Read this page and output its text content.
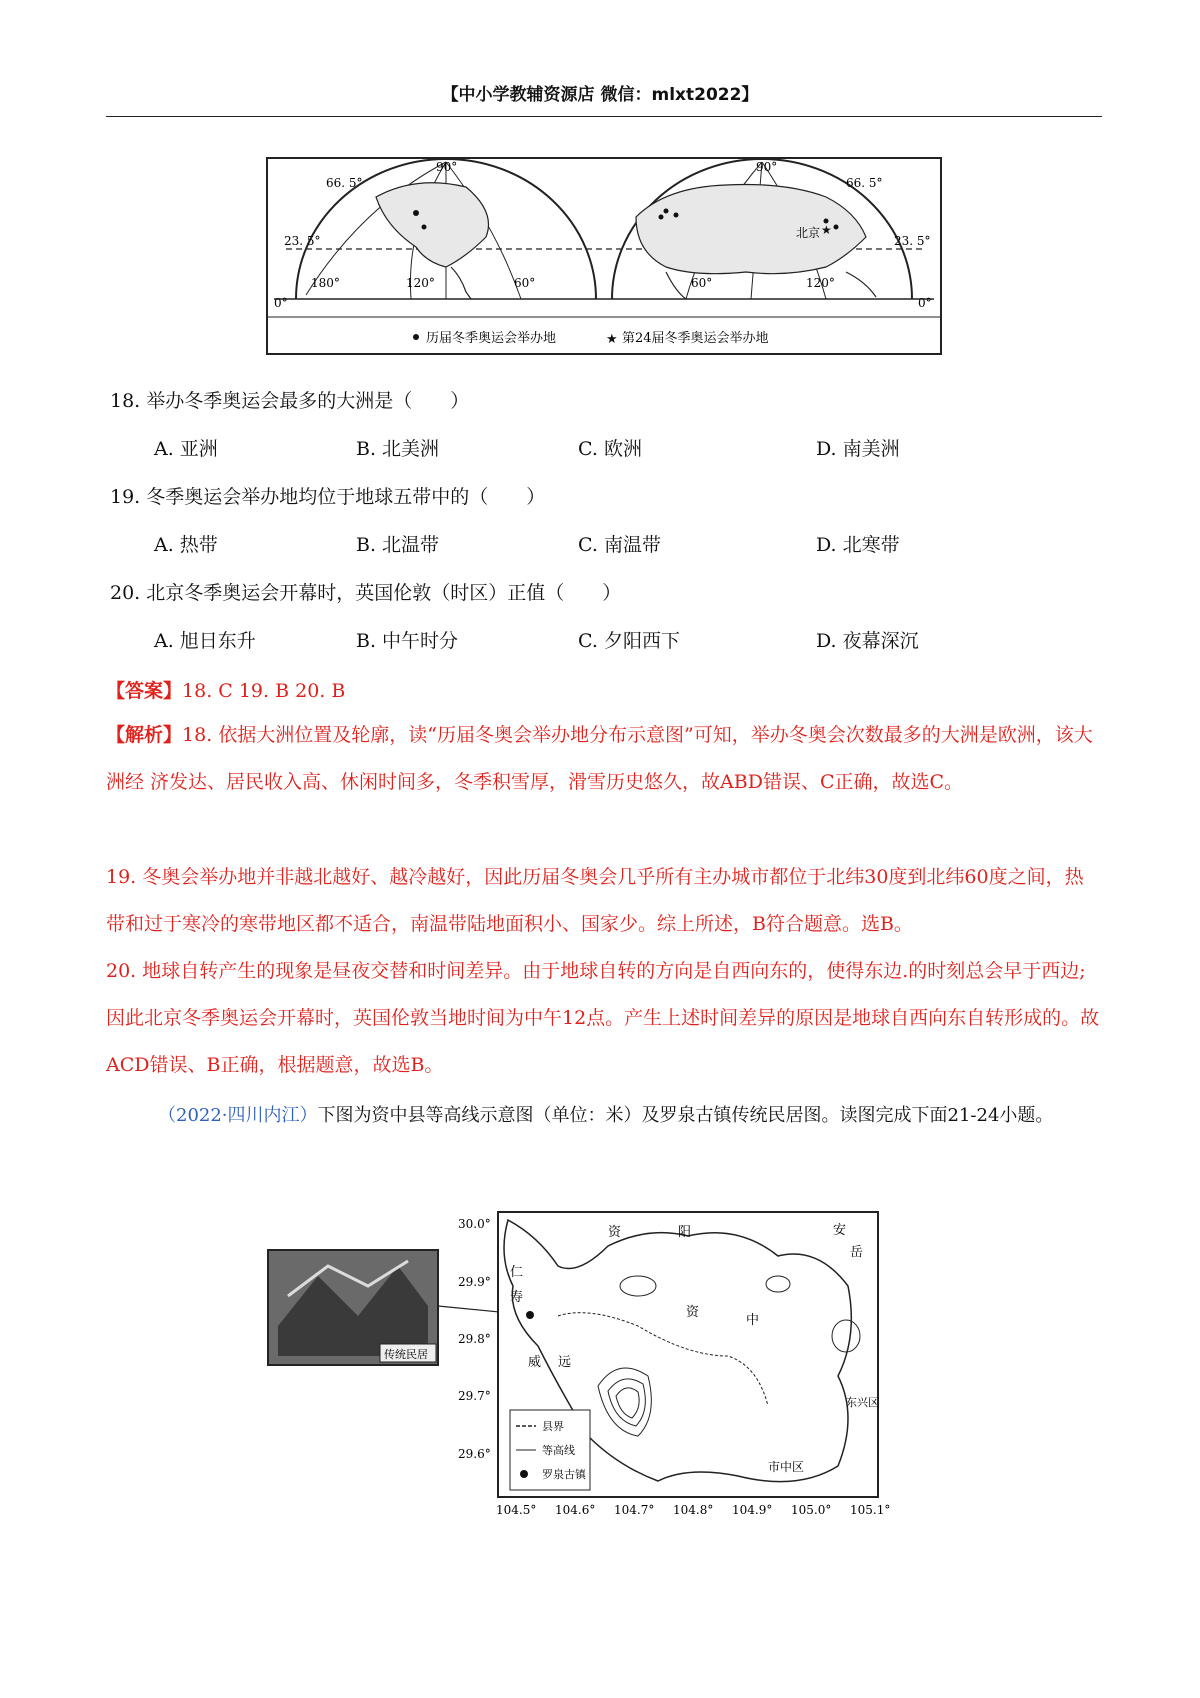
【中小学教辅资源店 微信：mlxt2022】
★
66. 5°
23. 5°
0°
90°
66. 5°
23. 5°
0°
90°
180°	120°	60°	60°	120°
北京
历届冬季奥运会举办地	★ 第24届冬季奥运会举办地
18. 举办冬季奥运会最多的大洲是（　　）
A. 亚洲	B. 北美洲	C. 欧洲	D. 南美洲
19. 冬季奥运会举办地均位于地球五带中的（　　）
A. 热带	B. 北温带	C. 南温带	D. 北寒带
20. 北京冬季奥运会开幕时，英国伦敦（时区）正值（　　）
A. 旭日东升	B. 中午时分	C. 夕阳西下	D. 夜幕深沉
【答案】18. C 19. B 20. B
【解析】18. 依据大洲位置及轮廓，读“历届冬奥会举办地分布示意图”可知，举办冬奥会次数最多的大洲是欧洲，该大洲经 济发达、居民收入高、休闲时间多，冬季积雪厚，滑雪历史悠久，故ABD错误、C正确，故选C。
19. 冬奥会举办地并非越北越好、越冷越好，因此历届冬奥会几乎所有主办城市都位于北纬30度到北纬60度之间，热带和过于寒冷的寒带地区都不适合，南温带陆地面积小、国家少。综上所述，B符合题意。选B。
20. 地球自转产生的现象是昼夜交替和时间差异。由于地球自转的方向是自西向东的，使得东边.的时刻总会早于西边;因此北京冬季奥运会开幕时，英国伦敦当地时间为中午12点。产生上述时间差异的原因是地球自西向东自转形成的。故ACD错误、B正确，根据题意，故选B。
（2022·四川内江）下图为资中县等高线示意图（单位：米）及罗泉古镇传统民居图。读图完成下面21-24小题。
传统民居
资	阳	安
岳
资
中
威 远
东兴区
市中区
仁
寿
县界
等高线
罗泉古镇
30.0°
29.9°
29.8°
29.7°
29.6°
104.5° 104.6° 104.7° 104.8° 104.9° 105.0° 105.1°
